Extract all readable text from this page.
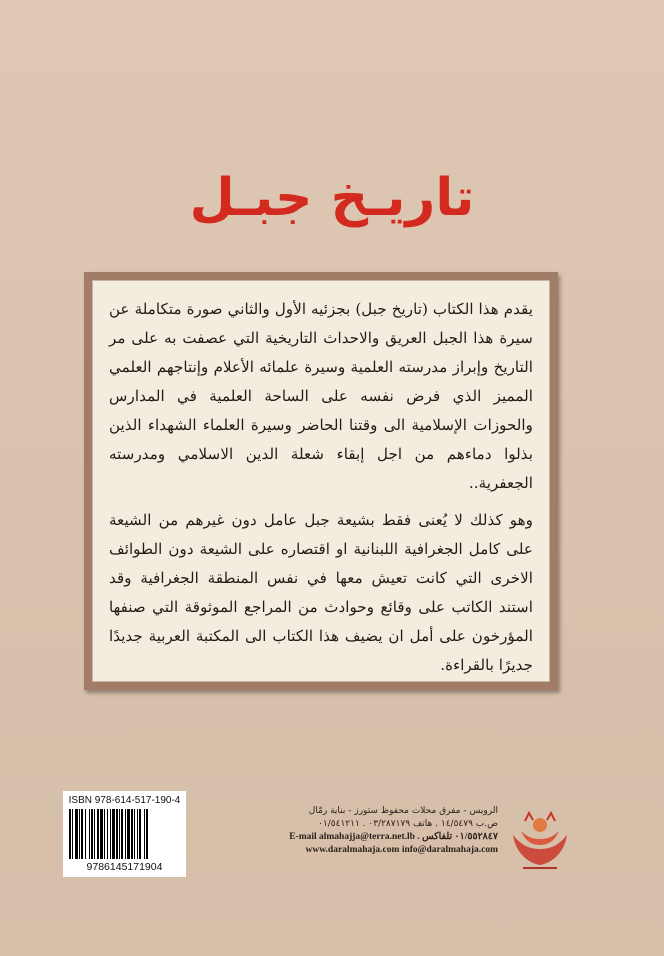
تاريـخ جبـل

يقدم هذا الكتاب (تاريخ جبل) بجزئيه الأول والثاني صورة متكاملة عن سيرة هذا الجبل العريق والاحداث التاريخية التي عصفت به على مر التاريخ وإبراز مدرسته العلمية وسيرة علمائه الأعلام وإنتاجهم العلمي المميز الذي فرض نفسه على الساحة العلمية في المدارس والحوزات الإسلامية الى وقتنا الحاضر وسيرة العلماء الشهداء الذين بذلوا دماءهم من اجل إبقاء شعلة الدين الاسلامي ومدرسته الجعفرية..

وهو كذلك لا يُعنى فقط بشيعة جبل عامل دون غيرهم من الشيعة على كامل الجغرافية اللبنانية او اقتصاره على الشيعة دون الطوائف الاخرى التي كانت تعيش معها في نفس المنطقة الجغرافية وقد استند الكاتب على وقائع وحوادث من المراجع الموثوقة التي صنفها المؤرخون على أمل ان يضيف هذا الكتاب الى المكتبة العربية جديدًا جديرًا بالقراءة.

ISBN 978-614-517-190-4
9786145171904
الرويس - مفرق محلات محفوظ ستورز - بناية رمّال
ص.ب ١٤/٥٤٧٩ . هاتف ٠٣/٢٨٧١٧٩ . ٠١/٥٤١٢١١
E-mail almahajja@terra.net.lb . ٠١/٥٥٢٨٤٧ تلفاكس
www.daralmahaja.com info@daralmahaja.com
